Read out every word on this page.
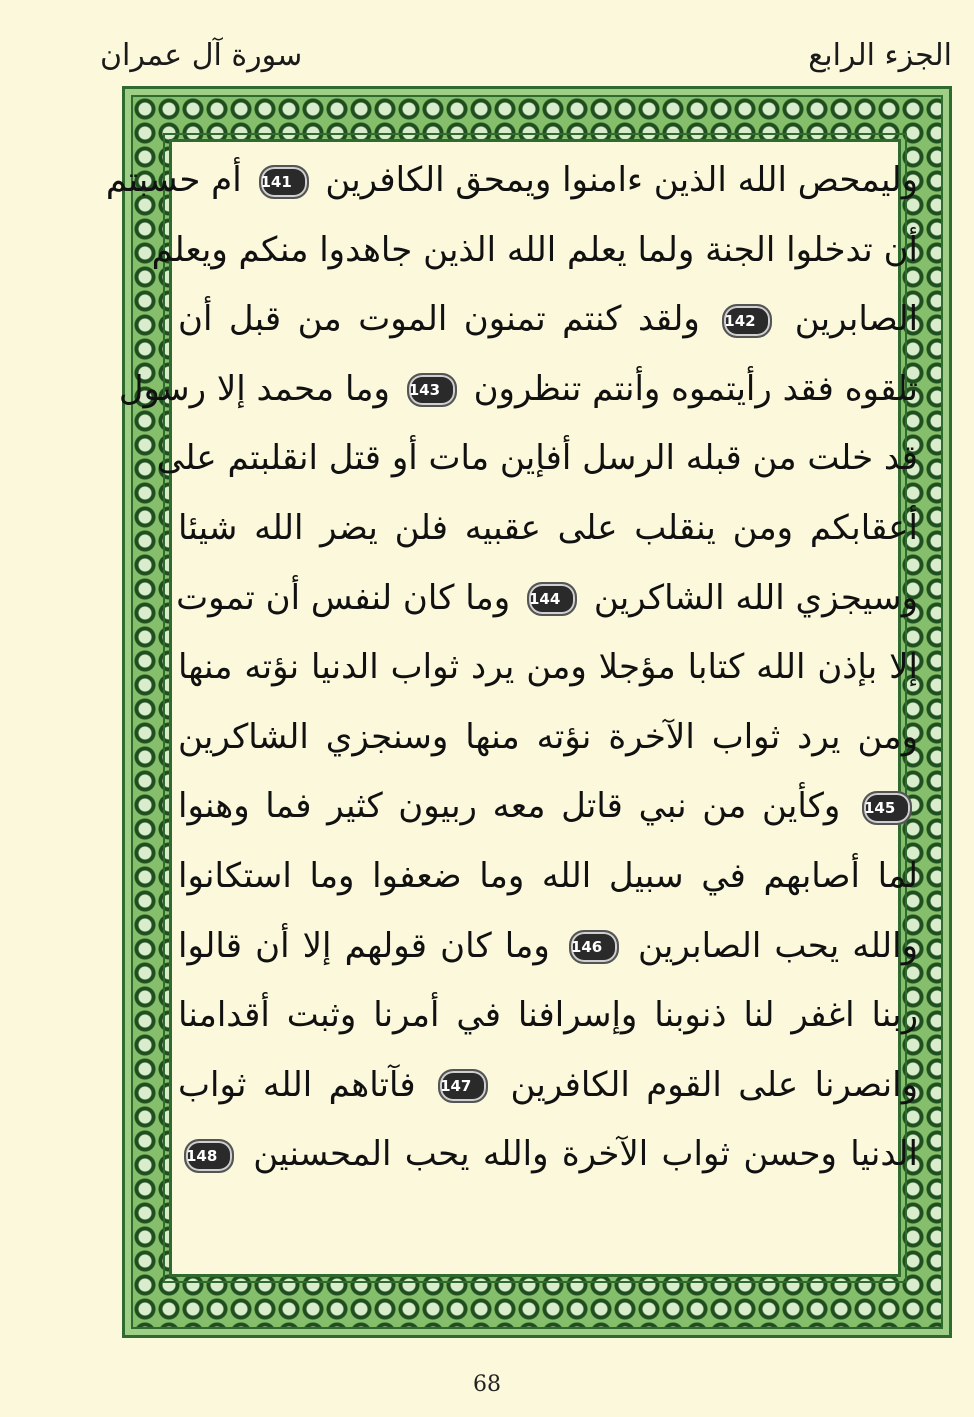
سورة آل عمران	الجزء الرابع
وليمحص الله الذين ءامنوا ويمحق الكافرين 141 أم حسبتم
أن تدخلوا الجنة ولما يعلم الله الذين جاهدوا منكم ويعلم
الصابرين 142 ولقد كنتم تمنون الموت من قبل أن
تلقوه فقد رأيتموه وأنتم تنظرون 143 وما محمد إلا رسول
قد خلت من قبله الرسل أفإين مات أو قتل انقلبتم على
أعقابكم ومن ينقلب على عقبيه فلن يضر الله شيئا
وسيجزي الله الشاكرين 144 وما كان لنفس أن تموت
إلا بإذن الله كتابا مؤجلا ومن يرد ثواب الدنيا نؤته منها
ومن يرد ثواب الآخرة نؤته منها وسنجزي الشاكرين
145 وكأين من نبي قاتل معه ربيون كثير فما وهنوا
لما أصابهم في سبيل الله وما ضعفوا وما استكانوا
والله يحب الصابرين 146 وما كان قولهم إلا أن قالوا
ربنا اغفر لنا ذنوبنا وإسرافنا في أمرنا وثبت أقدامنا
وانصرنا على القوم الكافرين 147 فآتاهم الله ثواب
الدنيا وحسن ثواب الآخرة والله يحب المحسنين 148
68
